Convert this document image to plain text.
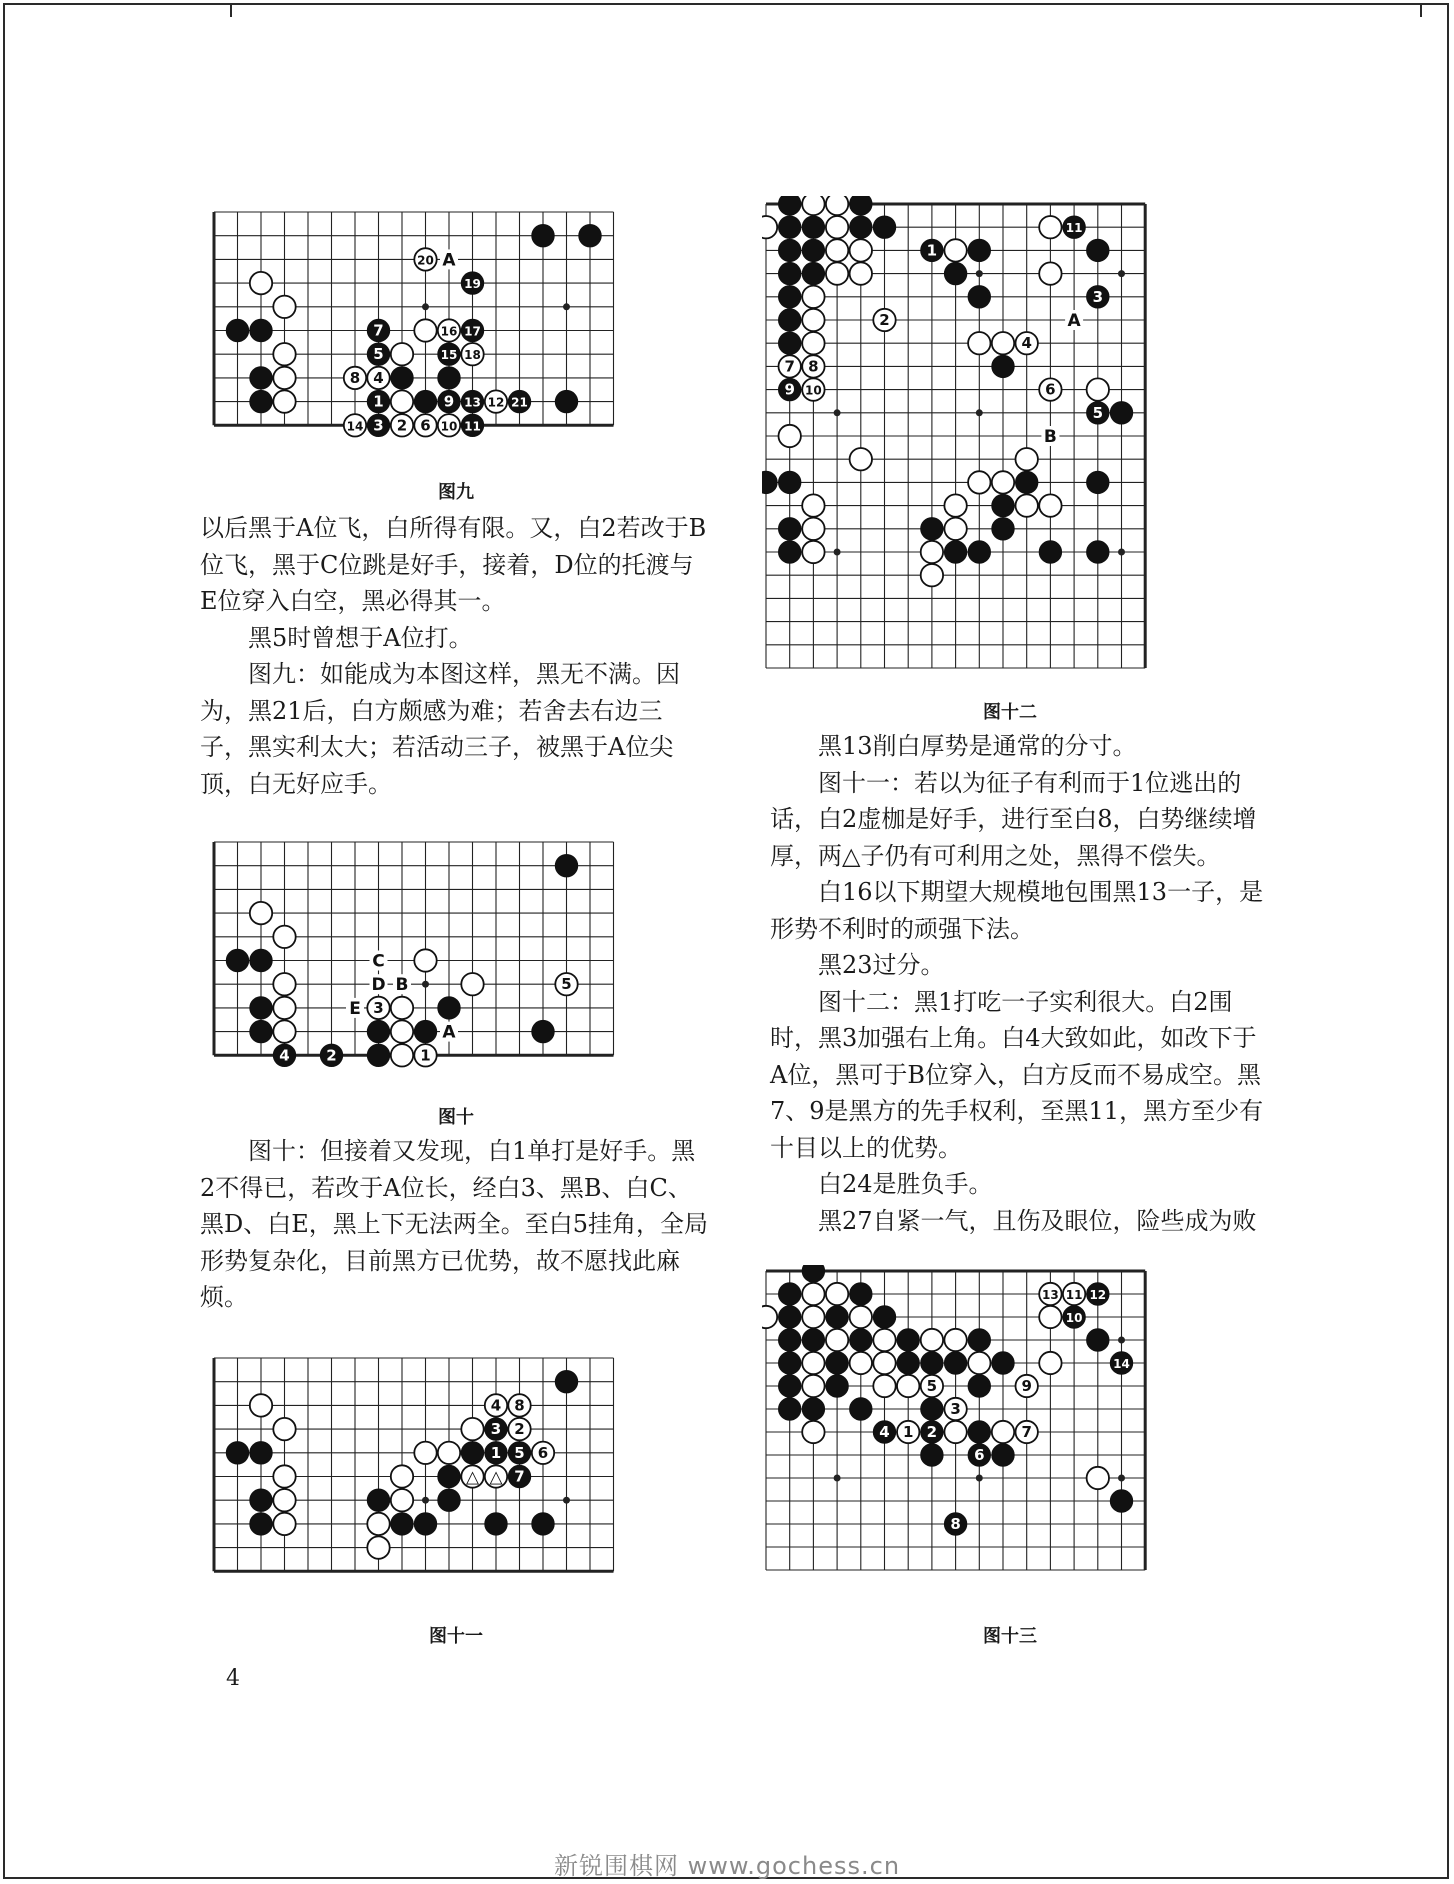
20 A
19
7	16 17
5	15 18
8 4
1	9 13 12 21
14 3 2 6 10 11
图九

以后黑于A位飞，白所得有限。又，白2若改于B位飞，黑于C位跳是好手，接着，D位的托渡与E位穿入白空，黑必得其一。

黑5时曾想于A位打。

图九：如能成为本图这样，黑无不满。因为，黑21后，白方颇感为难；若舍去右边三子，黑实利太大；若活动三子，被黑于A位尖顶，白无好应手。

C
D B	5
E 3
A
4 2	1
图十

图十：但接着又发现，白1单打是好手。黑2不得已，若改于A位长，经白3、黑B、白C、黑D、白E，黑上下无法两全。至白5挂角，全局形势复杂化，目前黑方已优势，故不愿找此麻烦。

4 8
3 2
1 5 6
△ △ 7
图十一
11
1
3
2	A
4
7 8
9 10	6
5
B
图十二

黑13削白厚势是通常的分寸。

图十一：若以为征子有利而于1位逃出的话，白2虚枷是好手，进行至白8，白势继续增厚，两△子仍有可利用之处，黑得不偿失。

白16以下期望大规模地包围黑13一子，是形势不利时的顽强下法。

黑23过分。

图十二：黑1打吃一子实利很大。白2围时，黑3加强右上角。白4大致如此，如改下于A位，黑可于B位穿入，白方反而不易成空。黑7、9是黑方的先手权利，至黑11，黑方至少有十目以上的优势。

白24是胜负手。

黑27自紧一气，且伤及眼位，险些成为败

13 11 12
10
14
5	9
3
4 1 2	7
6
8
图十三
4
新锐围棋网 www.gochess.cn
